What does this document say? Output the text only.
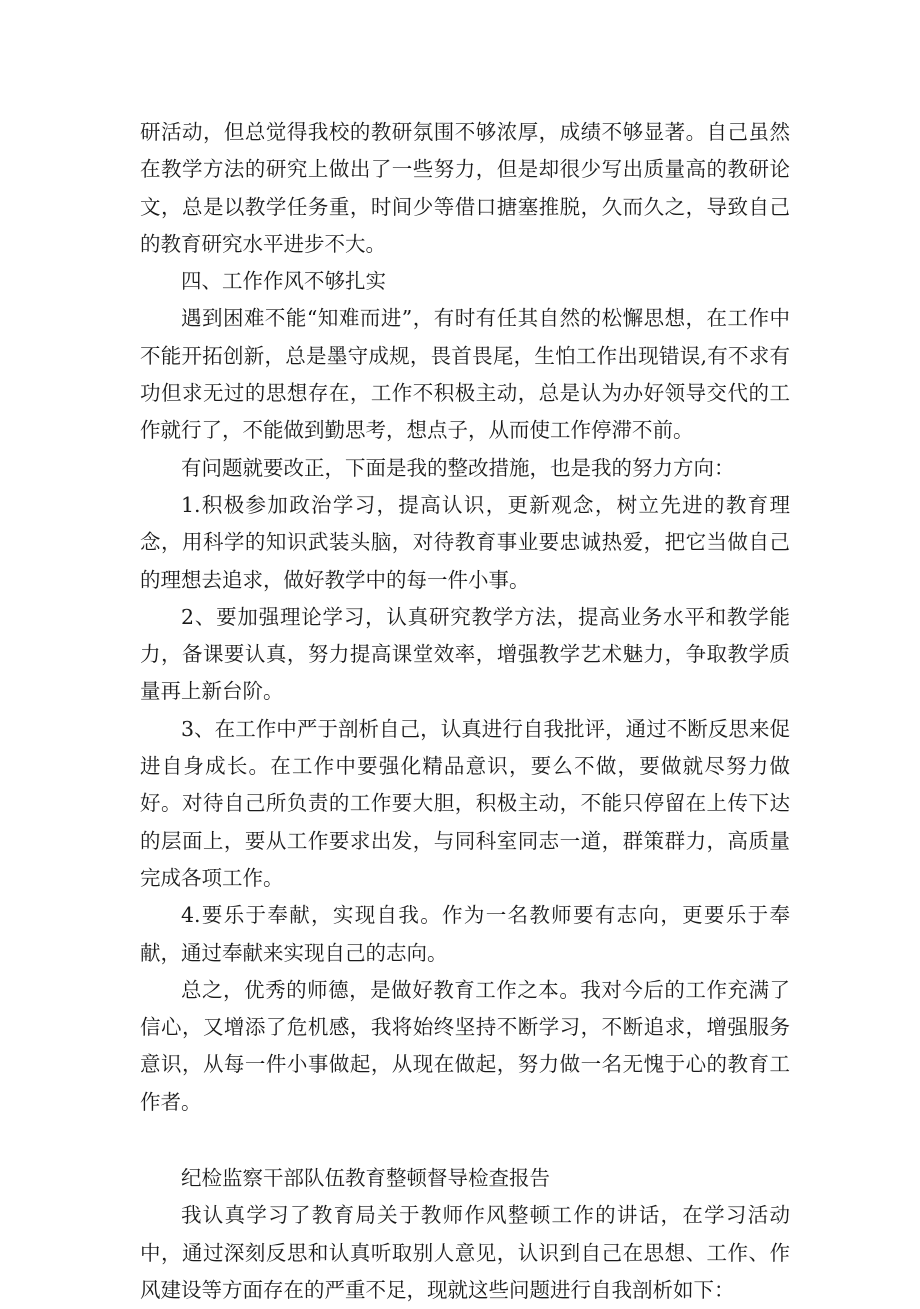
研活动，但总觉得我校的教研氛围不够浓厚，成绩不够显著。自己虽然在教学方法的研究上做出了一些努力，但是却很少写出质量高的教研论文，总是以教学任务重，时间少等借口搪塞推脱，久而久之，导致自己的教育研究水平进步不大。

四、工作作风不够扎实

遇到困难不能“知难而进”，有时有任其自然的松懈思想，在工作中不能开拓创新，总是墨守成规，畏首畏尾，生怕工作出现错误,有不求有功但求无过的思想存在，工作不积极主动，总是认为办好领导交代的工作就行了，不能做到勤思考，想点子，从而使工作停滞不前。

有问题就要改正，下面是我的整改措施，也是我的努力方向：

1.积极参加政治学习，提高认识，更新观念，树立先进的教育理念，用科学的知识武装头脑，对待教育事业要忠诚热爱，把它当做自己的理想去追求，做好教学中的每一件小事。

2、要加强理论学习，认真研究教学方法，提高业务水平和教学能力，备课要认真，努力提高课堂效率，增强教学艺术魅力，争取教学质量再上新台阶。

3、在工作中严于剖析自己，认真进行自我批评，通过不断反思来促进自身成长。在工作中要强化精品意识，要么不做，要做就尽努力做好。对待自己所负责的工作要大胆，积极主动，不能只停留在上传下达的层面上，要从工作要求出发，与同科室同志一道，群策群力，高质量完成各项工作。

4.要乐于奉献，实现自我。作为一名教师要有志向，更要乐于奉献，通过奉献来实现自己的志向。

总之，优秀的师德，是做好教育工作之本。我对今后的工作充满了信心，又增添了危机感，我将始终坚持不断学习，不断追求，增强服务意识，从每一件小事做起，从现在做起，努力做一名无愧于心的教育工作者。

纪检监察干部队伍教育整顿督导检查报告

我认真学习了教育局关于教师作风整顿工作的讲话，在学习活动中，通过深刻反思和认真听取别人意见，认识到自己在思想、工作、作风建设等方面存在的严重不足，现就这些问题进行自我剖析如下：
